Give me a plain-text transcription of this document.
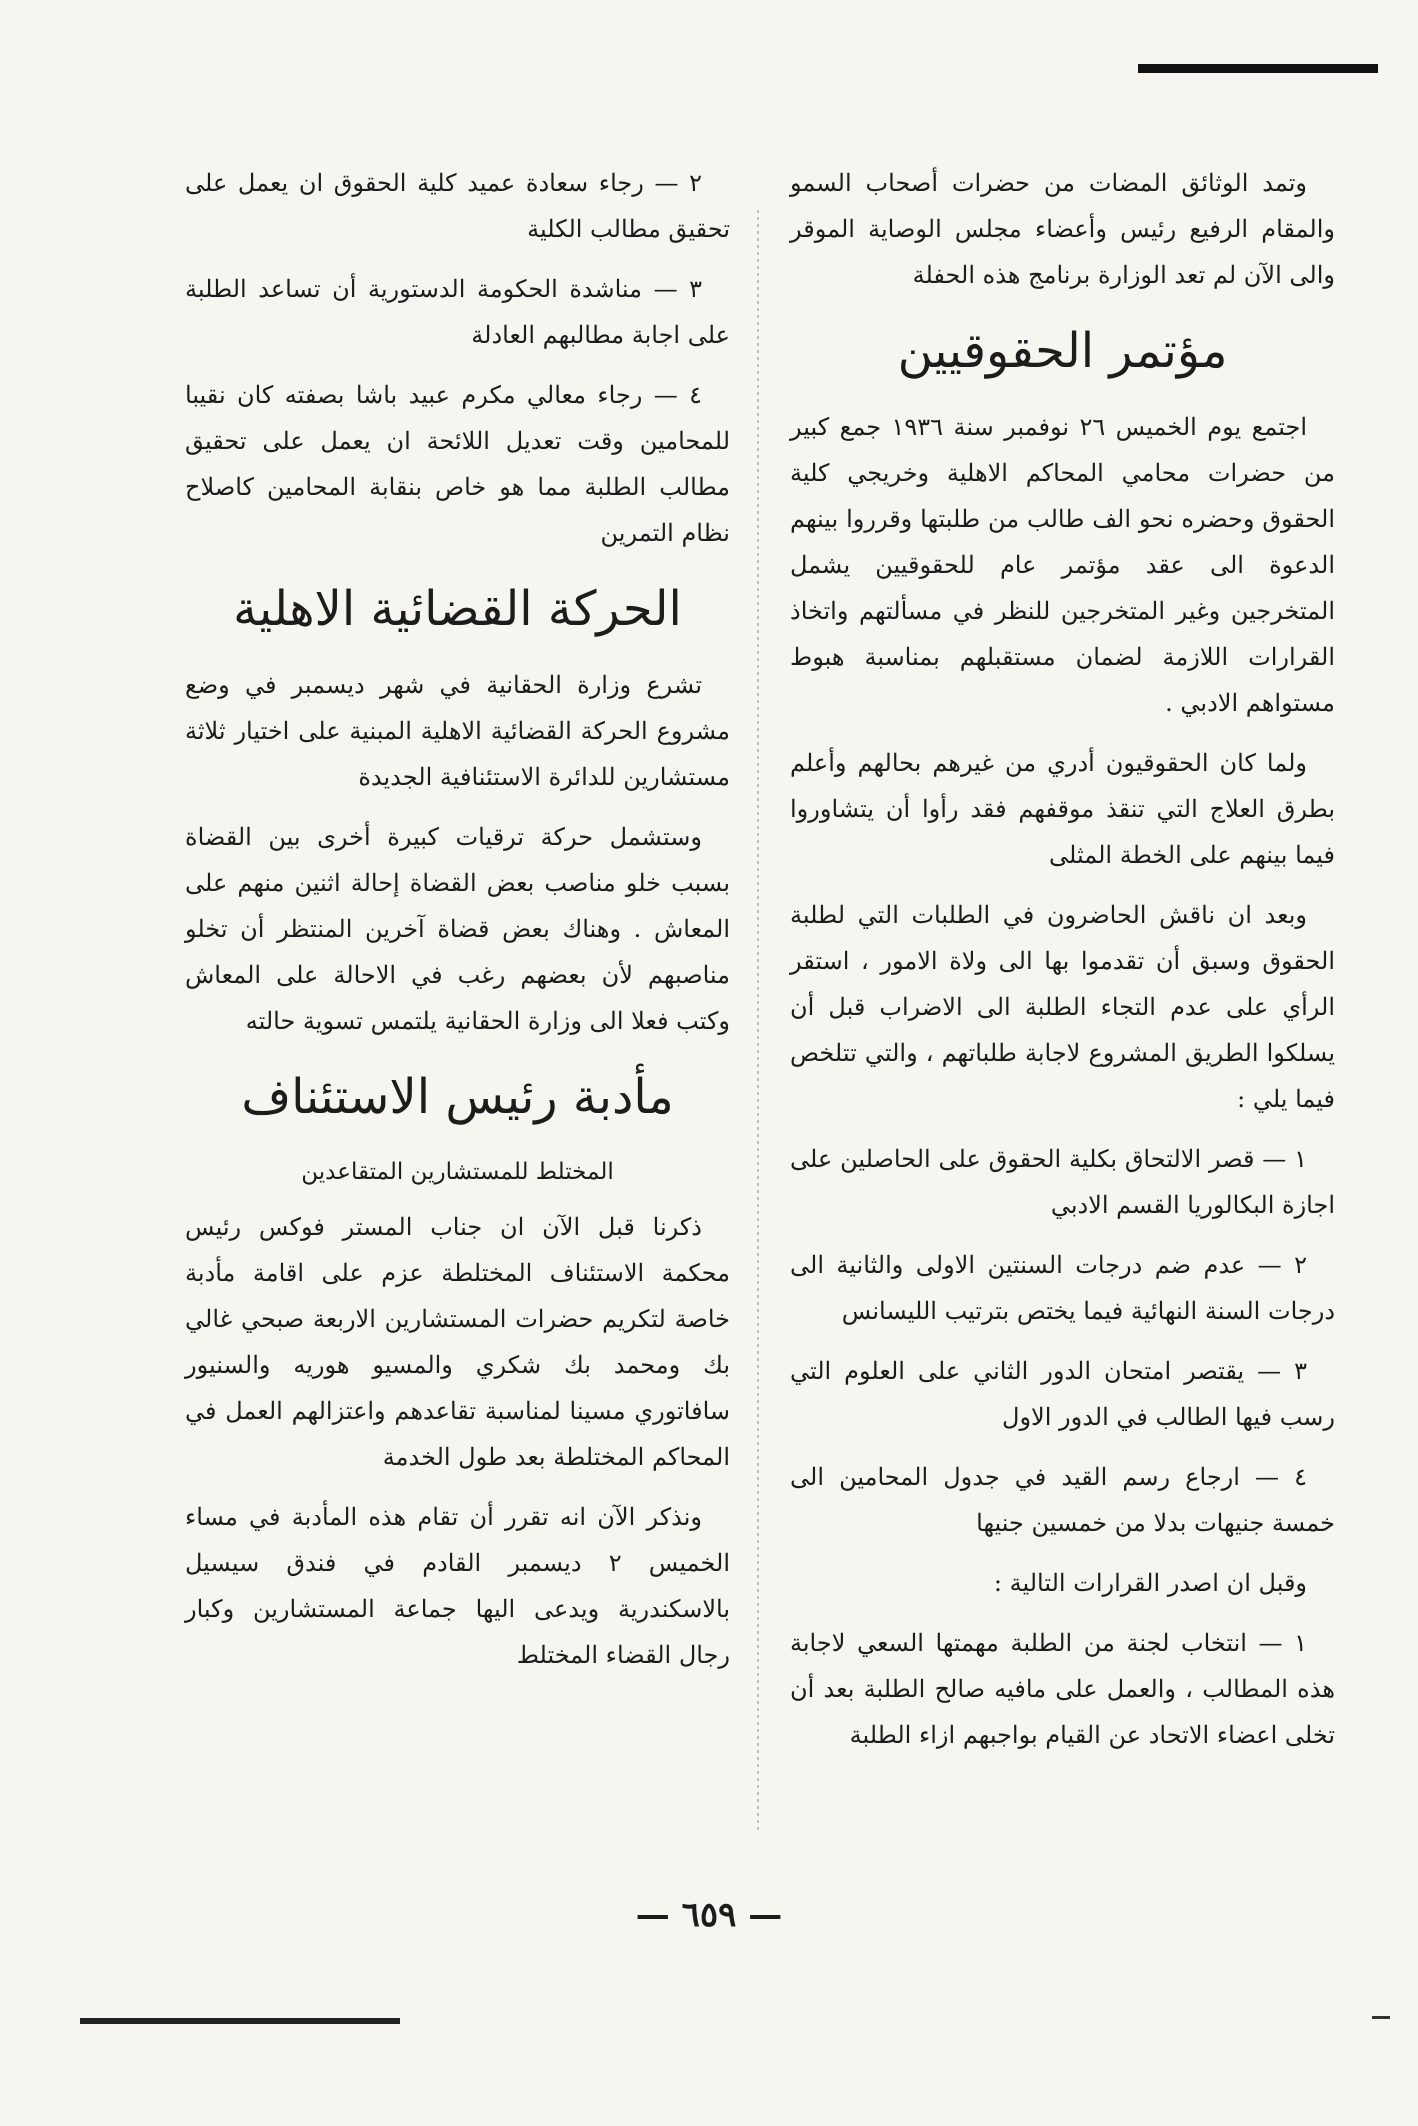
وتمد الوثائق المضات من حضرات أصحاب السمو والمقام الرفيع رئيس وأعضاء مجلس الوصاية الموقر والى الآن لم تعد الوزارة برنامج هذه الحفلة

مؤتمر الحقوقيين

اجتمع يوم الخميس ٢٦ نوفمبر سنة ١٩٣٦ جمع كبير من حضرات محامي المحاكم الاهلية وخريجي كلية الحقوق وحضره نحو الف طالب من طلبتها وقرروا بينهم الدعوة الى عقد مؤتمر عام للحقوقيين يشمل المتخرجين وغير المتخرجين للنظر في مسألتهم واتخاذ القرارات اللازمة لضمان مستقبلهم بمناسبة هبوط مستواهم الادبي .

ولما كان الحقوقيون أدري من غيرهم بحالهم وأعلم بطرق العلاج التي تنقذ موقفهم فقد رأوا أن يتشاوروا فيما بينهم على الخطة المثلى

وبعد ان ناقش الحاضرون في الطلبات التي لطلبة الحقوق وسبق أن تقدموا بها الى ولاة الامور ، استقر الرأي على عدم التجاء الطلبة الى الاضراب قبل أن يسلكوا الطريق المشروع لاجابة طلباتهم ، والتي تتلخص فيما يلي :

١ — قصر الالتحاق بكلية الحقوق على الحاصلين على اجازة البكالوريا القسم الادبي

٢ — عدم ضم درجات السنتين الاولى والثانية الى درجات السنة النهائية فيما يختص بترتيب الليسانس

٣ — يقتصر امتحان الدور الثاني على العلوم التي رسب فيها الطالب في الدور الاول

٤ — ارجاع رسم القيد في جدول المحامين الى خمسة جنيهات بدلا من خمسين جنيها

وقبل ان اصدر القرارات التالية :

١ — انتخاب لجنة من الطلبة مهمتها السعي لاجابة هذه المطالب ، والعمل على مافيه صالح الطلبة بعد أن تخلى اعضاء الاتحاد عن القيام بواجبهم ازاء الطلبة

٢ — رجاء سعادة عميد كلية الحقوق ان يعمل على تحقيق مطالب الكلية

٣ — مناشدة الحكومة الدستورية أن تساعد الطلبة على اجابة مطالبهم العادلة

٤ — رجاء معالي مكرم عبيد باشا بصفته كان نقيبا للمحامين وقت تعديل اللائحة ان يعمل على تحقيق مطالب الطلبة مما هو خاص بنقابة المحامين كاصلاح نظام التمرين

الحركة القضائية الاهلية

تشرع وزارة الحقانية في شهر ديسمبر في وضع مشروع الحركة القضائية الاهلية المبنية على اختيار ثلاثة مستشارين للدائرة الاستئنافية الجديدة

وستشمل حركة ترقيات كبيرة أخرى بين القضاة بسبب خلو مناصب بعض القضاة إحالة اثنين منهم على المعاش . وهناك بعض قضاة آخرين المنتظر أن تخلو مناصبهم لأن بعضهم رغب في الاحالة على المعاش وكتب فعلا الى وزارة الحقانية يلتمس تسوية حالته

مأدبة رئيس الاستئناف
المختلط للمستشارين المتقاعدين

ذكرنا قبل الآن ان جناب المستر فوكس رئيس محكمة الاستئناف المختلطة عزم على اقامة مأدبة خاصة لتكريم حضرات المستشارين الاربعة صبحي غالي بك ومحمد بك شكري والمسيو هوريه والسنيور سافاتوري مسينا لمناسبة تقاعدهم واعتزالهم العمل في المحاكم المختلطة بعد طول الخدمة

ونذكر الآن انه تقرر أن تقام هذه المأدبة في مساء الخميس ٢ ديسمبر القادم في فندق سيسيل بالاسكندرية ويدعى اليها جماعة المستشارين وكبار رجال القضاء المختلط

— ٦٥٩ —
